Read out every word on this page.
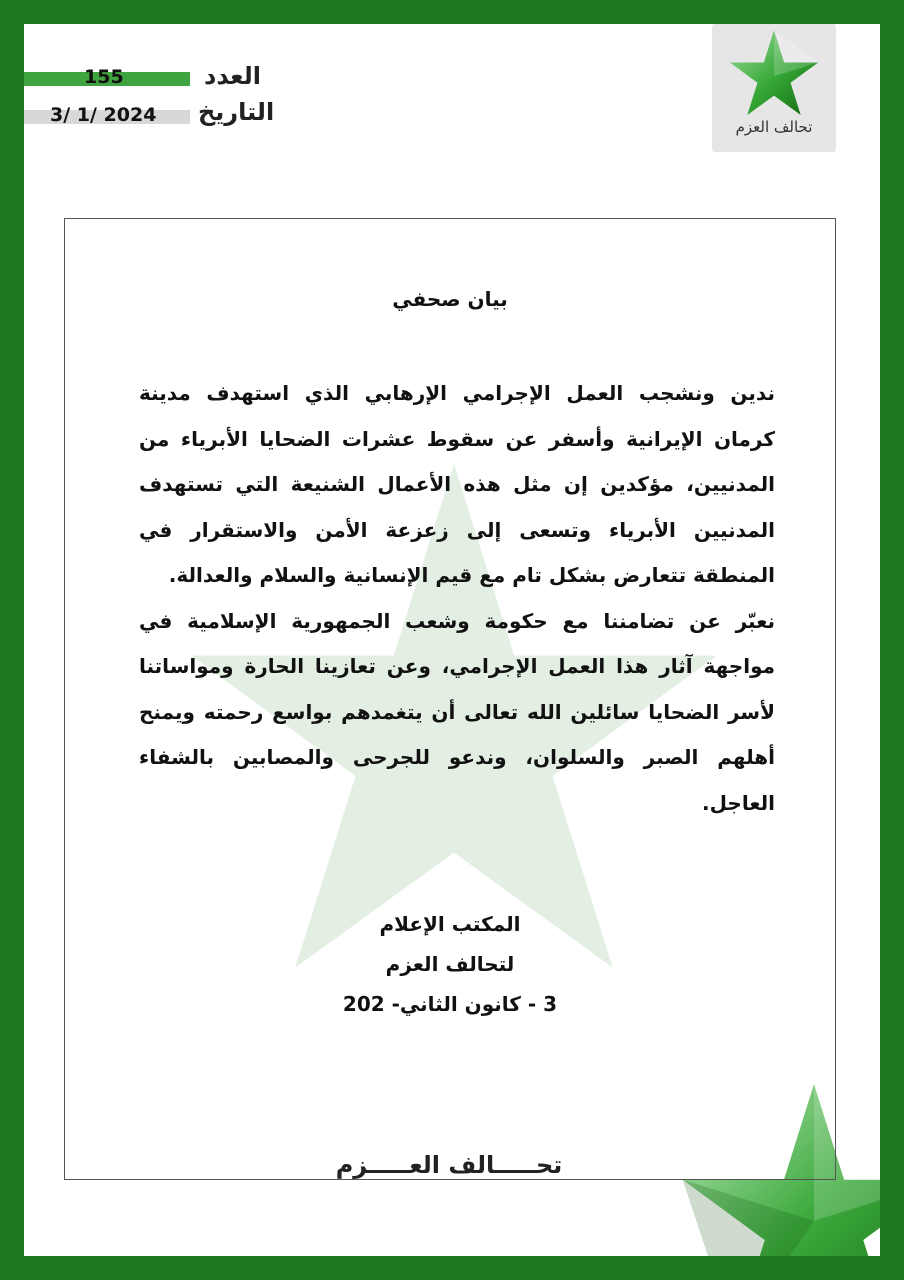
تحالف العزم
155
3/ 1/ 2024
العدد
التاريخ
بيان صحفي

ندين ونشجب العمل الإجرامي الإرهابي الذي استهدف مدينة كرمان الإيرانية وأسفر عن سقوط عشرات الضحايا الأبرياء من المدنيين، مؤكدين إن مثل هذه الأعمال الشنيعة التي تستهدف المدنيين الأبرياء وتسعى إلى زعزعة الأمن والاستقرار في المنطقة تتعارض بشكل تام مع قيم الإنسانية والسلام والعدالة.

نعبّر عن تضامننا مع حكومة وشعب الجمهورية الإسلامية في مواجهة آثار هذا العمل الإجرامي، وعن تعازينا الحارة ومواساتنا لأسر الضحايا سائلين الله تعالى أن يتغمدهم بواسع رحمته ويمنح أهلهم الصبر والسلوان، وندعو للجرحى والمصابين بالشفاء العاجل.

المكتب الإعلام
لتحالف العزم
3 - كانون الثاني- 202
تحـــــالف العـــــزم
